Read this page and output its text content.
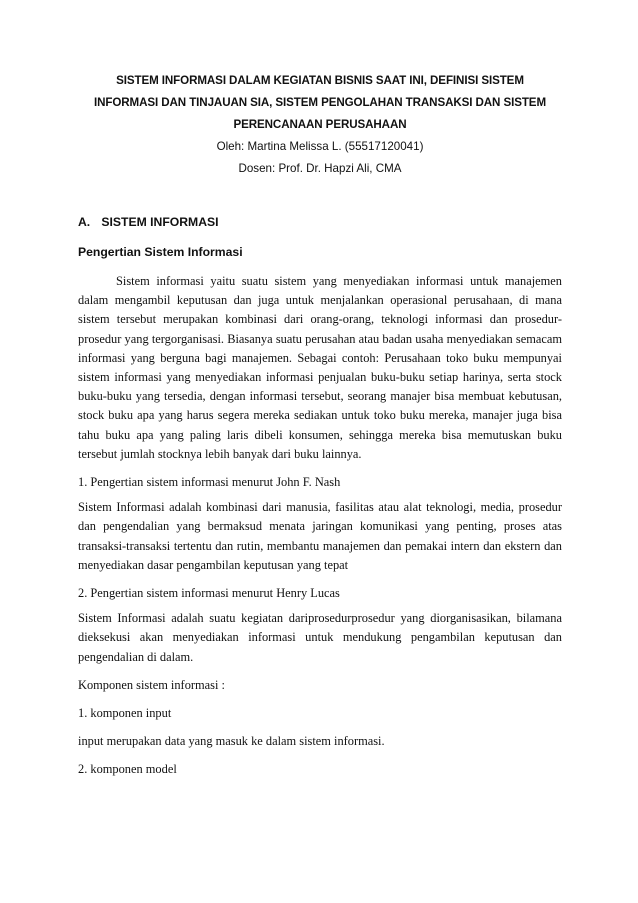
SISTEM INFORMASI DALAM KEGIATAN BISNIS SAAT INI, DEFINISI SISTEM

INFORMASI DAN TINJAUAN SIA, SISTEM PENGOLAHAN TRANSAKSI DAN SISTEM

PERENCANAAN PERUSAHAAN

Oleh: Martina Melissa L. (55517120041)

Dosen: Prof. Dr. Hapzi Ali, CMA

A. SISTEM INFORMASI

Pengertian Sistem Informasi

Sistem informasi yaitu suatu sistem yang menyediakan informasi untuk manajemen dalam mengambil keputusan dan juga untuk menjalankan operasional perusahaan, di mana sistem tersebut merupakan kombinasi dari orang-orang, teknologi informasi dan prosedur-prosedur yang tergorganisasi. Biasanya suatu perusahan atau badan usaha menyediakan semacam informasi yang berguna bagi manajemen. Sebagai contoh: Perusahaan toko buku mempunyai sistem informasi yang menyediakan informasi penjualan buku-buku setiap harinya, serta stock buku-buku yang tersedia, dengan informasi tersebut, seorang manajer bisa membuat kebutusan, stock buku apa yang harus segera mereka sediakan untuk toko buku mereka, manajer juga bisa tahu buku apa yang paling laris dibeli konsumen, sehingga mereka bisa memutuskan buku tersebut jumlah stocknya lebih banyak dari buku lainnya.

1. Pengertian sistem informasi menurut John F. Nash

Sistem Informasi adalah kombinasi dari manusia, fasilitas atau alat teknologi, media, prosedur dan pengendalian yang bermaksud menata jaringan komunikasi yang penting, proses atas transaksi-transaksi tertentu dan rutin, membantu manajemen dan pemakai intern dan ekstern dan menyediakan dasar pengambilan keputusan yang tepat

2. Pengertian sistem informasi menurut Henry Lucas

Sistem Informasi adalah suatu kegiatan dariprosedurprosedur yang diorganisasikan, bilamana dieksekusi akan menyediakan informasi untuk mendukung pengambilan keputusan dan pengendalian di dalam.

Komponen sistem informasi :

1. komponen input

input merupakan data yang masuk ke dalam sistem informasi.

2. komponen model
